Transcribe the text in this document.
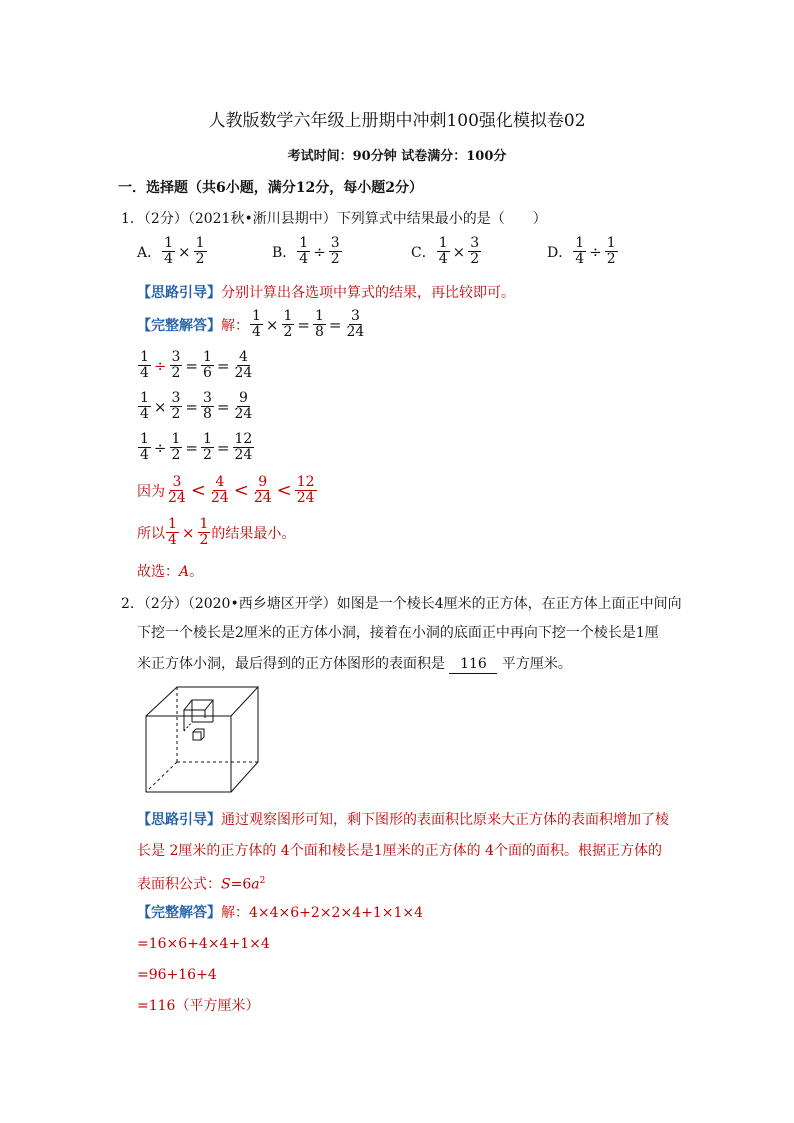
人教版数学六年级上册期中冲刺100强化模拟卷02
考试时间：90分钟 试卷满分：100分
一．选择题（共6小题，满分12分，每小题2分）
1．（2分）（2021秋•淅川县期中）下列算式中结果最小的是（　　）
A． $\frac{1}{4} \times \frac{1}{2}$	B． $\frac{1}{4} \div \frac{3}{2}$	C． $\frac{1}{4} \times \frac{3}{2}$	D． $\frac{1}{4} \div \frac{1}{2}$
【思路引导】分别计算出各选项中算式的结果，再比较即可。
【完整解答】 解： $\frac{1}{4} \times \frac{1}{2} = \frac{1}{8} = \frac{3}{24}$
$\frac{1}{4} \div \frac{3}{2} = \frac{1}{6} = \frac{4}{24}$
$\frac{1}{4} \times \frac{3}{2} = \frac{3}{8} = \frac{9}{24}$
$\frac{1}{4} \div \frac{1}{2} = \frac{1}{2} = \frac{12}{24}$
因为 $\frac{3}{24} < \frac{4}{24} < \frac{9}{24} < \frac{12}{24}$
所以 $\frac{1}{4} \times \frac{1}{2}$ 的结果最小。
故选：A。
2．（2分）（2020•西乡塘区开学）如图是一个棱长4厘米的正方体，在正方体上面正中间向
下挖一个棱长是2厘米的正方体小洞，接着在小洞的底面正中再向下挖一个棱长是1厘
米正方体小洞，最后得到的正方体图形的表面积是 116 平方厘米。
【思路引导】通过观察图形可知，剩下图形的表面积比原来大正方体的表面积增加了棱
长是 2厘米的正方体的 4个面和棱长是1厘米的正方体的 4个面的面积。根据正方体的
表面积公式：$S=6a^2$
【完整解答】解：4×4×6+2×2×4+1×1×4
=16×6+4×4+1×4
=96+16+4
=116（平方厘米）
